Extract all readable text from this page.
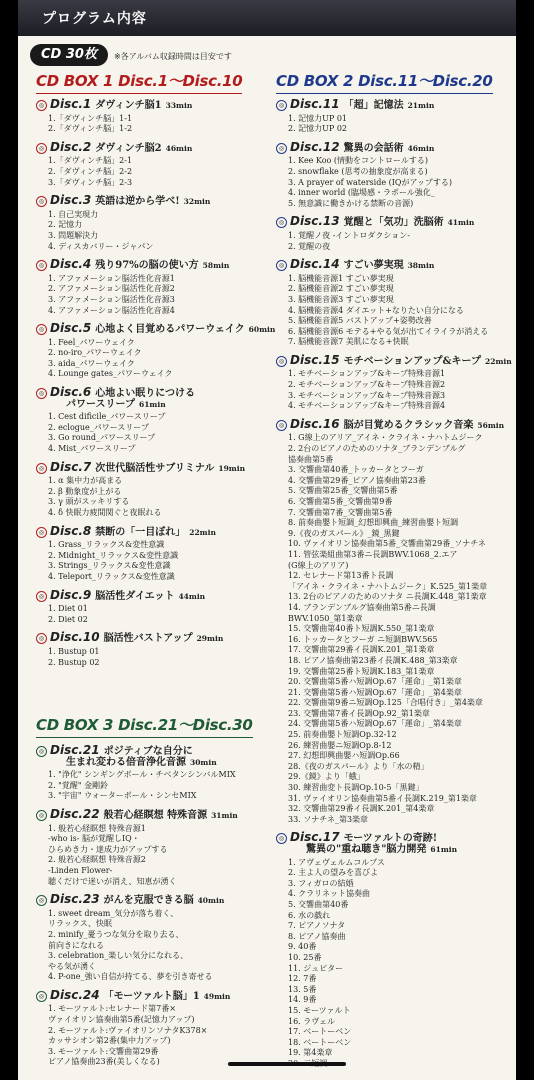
プログラム内容
CD 30枚	※各アルバム収録時間は目安です
CD BOX 1 Disc.1〜Disc.10
◎ Disc.1 ダヴィンチ脳1 33min
1.「ダヴィンチ脳」1-1
2.「ダヴィンチ脳」1-2
◎ Disc.2 ダヴィンチ脳2 46min
1.「ダヴィンチ脳」2-1
2.「ダヴィンチ脳」2-2
3.「ダヴィンチ脳」2-3
◎ Disc.3 英語は逆から学べ! 32min
1. 自己実現力
2. 記憶力
3. 問題解決力
4. ディスカバリー・ジャパン
◎ Disc.4 残り97%の脳の使い方 58min
1. アファメーション脳活性化音源1
2. アファメーション脳活性化音源2
3. アファメーション脳活性化音源3
4. アファメーション脳活性化音源4
◎ Disc.5 心地よく目覚めるパワーウェイク 60min
1. Feel_パワーウェイク
2. no-iro_パワーウェイク
3. aida_パワーウェイク
4. Lounge gates_パワーウェイク
◎ Disc.6 心地よい眠りにつける
パワースリープ 61min
1. Cest dificile_パワースリープ
2. eclogue_パワースリープ
3. Go round_パワースリープ
4. Mist_パワースリープ
◎ Disc.7 次世代脳活性サブリミナル 19min
1. α 集中力が高まる
2. β 動象度が上がる
3. γ 頭がスッキリする
4. δ 快眠力疲間関ぐと夜眠れる
◎ Disc.8 禁断の「一目ぼれ」 22min
1. Grass_リラックス&変性意識
2. Midnight_リラックス&変性意識
3. Strings_リラックス&変性意識
4. Teleport_リラックス&変性意識
◎ Disc.9 脳活性ダイエット 44min
1. Diet 01
2. Diet 02
◎ Disc.10 脳活性バストアップ 29min
1. Bustup 01
2. Bustup 02
CD BOX 3 Disc.21〜Disc.30
◎ Disc.21 ポジティブな自分に
生まれ変わる倍音浄化音源 30min
1. "浄化" シンギングボール・チベタンシンバルMIX
2. "覚醒" 金剛鈴
3. "宇宙" ウォーターボール・シンセMIX
◎ Disc.22 般若心経瞑想 特殊音源 31min
1. 般若心経瞑想 特殊音源1
-who is- 脳が覚醒しIQ・
ひらめき力・達成力がアップする
2. 般若心経瞑想 特殊音源2
-Linden Flower-
聴くだけで迷いが消え、知恵が湧く
◎ Disc.23 がんを克服できる脳 40min
1. sweet dream_気分が落ち着く、
リラックス、快眠
2. minify_憂うつな気分を取り去る、
前向きになれる
3. celebration_楽しい気分になれる、
やる気が湧く
4. P-one_強い自信が持てる、夢を引き寄せる
◎ Disc.24 「モーツァルト脳」1 49min
1. モーツァルト:セレナード第7番×
ヴァイオリン協奏曲第5番(記憶力アップ)
2. モーツァルト:ヴァイオリンソナタK378×
カッサシオン第2番(集中力アップ)
3. モーツァルト:交響曲第29番
ピアノ協奏曲23番(美しくなる)
CD BOX 2 Disc.11〜Disc.20
◎ Disc.11 「超」記憶法 21min
1. 記憶力UP 01
2. 記憶力UP 02
◎ Disc.12 驚異の会話術 46min
1. Kee Koo (情動をコントロールする)
2. snowflake (思考の抽象度が高まる)
3. A prayer of waterside (IQがアップする)
4. inner world (臨場感・ラポール強化_
5. 無意識に働きかける禁断の音源)
◎ Disc.13 覚醒と「気功」洗脳術 41min
1. 覚醒ノ夜 -イントロダクション-
2. 覚醒の夜
◎ Disc.14 すごい夢実現 38min
1. 脳機能音源1 すごい夢実現
2. 脳機能音源2 すごい夢実現
3. 脳機能音源3 すごい夢実現
4. 脳機能音源4 ダイエット+なりたい自分になる
5. 脳機能音源5 バストアップ+姿勢改善
6. 脳機能音源6 モテる+やる気が出てイライラが消える
7. 脳機能音源7 美肌になる+快眠
◎ Disc.15 モチベーションアップ&キープ 22min
1. モチベーションアップ&キープ特殊音源1
2. モチベーションアップ&キープ特殊音源2
3. モチベーションアップ&キープ特殊音源3
4. モチベーションアップ&キープ特殊音源4
◎ Disc.16 脳が目覚めるクラシック音楽 56min
1. G線上のアリア_アイネ・クライネ・ナハトムジーク
2. 2台のピアノのためのソナタ_ブランデンブルグ
協奏曲第5番
3. 交響曲第40番_トッカータとフーガ
4. 交響曲第29番_ピアノ協奏曲第23番
5. 交響曲第25番_交響曲第5番
6. 交響曲第5番_交響曲第9番
7. 交響曲第7番_交響曲第5番
8. 前奏曲嬰ト短調_幻想即興曲_練習曲嬰ト短調
9.《夜のガスパール》_鏡_黒鍵
10. ヴァイオリン協奏曲第5番_交響曲第29番_ソナチネ
11. 管弦楽組曲第3番ニ長調BWV.1068_2.エア
(G線上のアリア)
12. セレナード第13番ト長調
「アイネ・クライネ・ナハトムジーク」K.525_第1楽章
13. 2台のピアノのためのソナタ ニ長調K.448_第1楽章
14. ブランデンブルグ協奏曲第5番ニ長調
BWV.1050_第1楽章
15. 交響曲第40番ト短調K.550_第1楽章
16. トッカータとフーガ ニ短調BWV.565
17. 交響曲第29番イ長調K.201_第1楽章
18. ピアノ協奏曲第23番イ長調K.488_第3楽章
19. 交響曲第25番ト短調K.183_第1楽章
20. 交響曲第5番ハ短調Op.67「運命」_第1楽章
21. 交響曲第5番ハ短調Op.67「運命」_第4楽章
22. 交響曲第9番ニ短調Op.125「合唱付き」_第4楽章
23. 交響曲第7番イ長調Op.92_第1楽章
24. 交響曲第5番ハ短調Op.67「運命」_第4楽章
25. 前奏曲嬰ト短調Op.32-12
26. 練習曲嬰ニ短調Op.8-12
27. 幻想即興曲嬰ハ短調Op.66
28.《夜のガスパール》より「水の精」
29.《鏡》より「蛾」
30. 練習曲変ト長調Op.10-5「黒鍵」
31. ヴァイオリン協奏曲第5番イ長調K.219_第1楽章
32. 交響曲第29番イ長調K.201_第4楽章
33. ソナチネ_第3楽章
◎ Disc.17 モーツァルトの奇跡!
驚異の"重ね聴き"脳力開発 61min
1. アヴェヴェルムコルプス
2. 主よ人の望みを喜びよ
3. フィガロの結婚
4. クラリネット協奏曲
5. 交響曲第40番
6. 水の戯れ
7. ピアノソナタ
8. ピアノ協奏曲
9. 40番
10. 25番
11. ジュピター
12. 7番
13. 5番
14. 9番
15. モーツァルト
16. ラヴェル
17. ベートーベン
18. ベートーベン
19. 第4楽章
